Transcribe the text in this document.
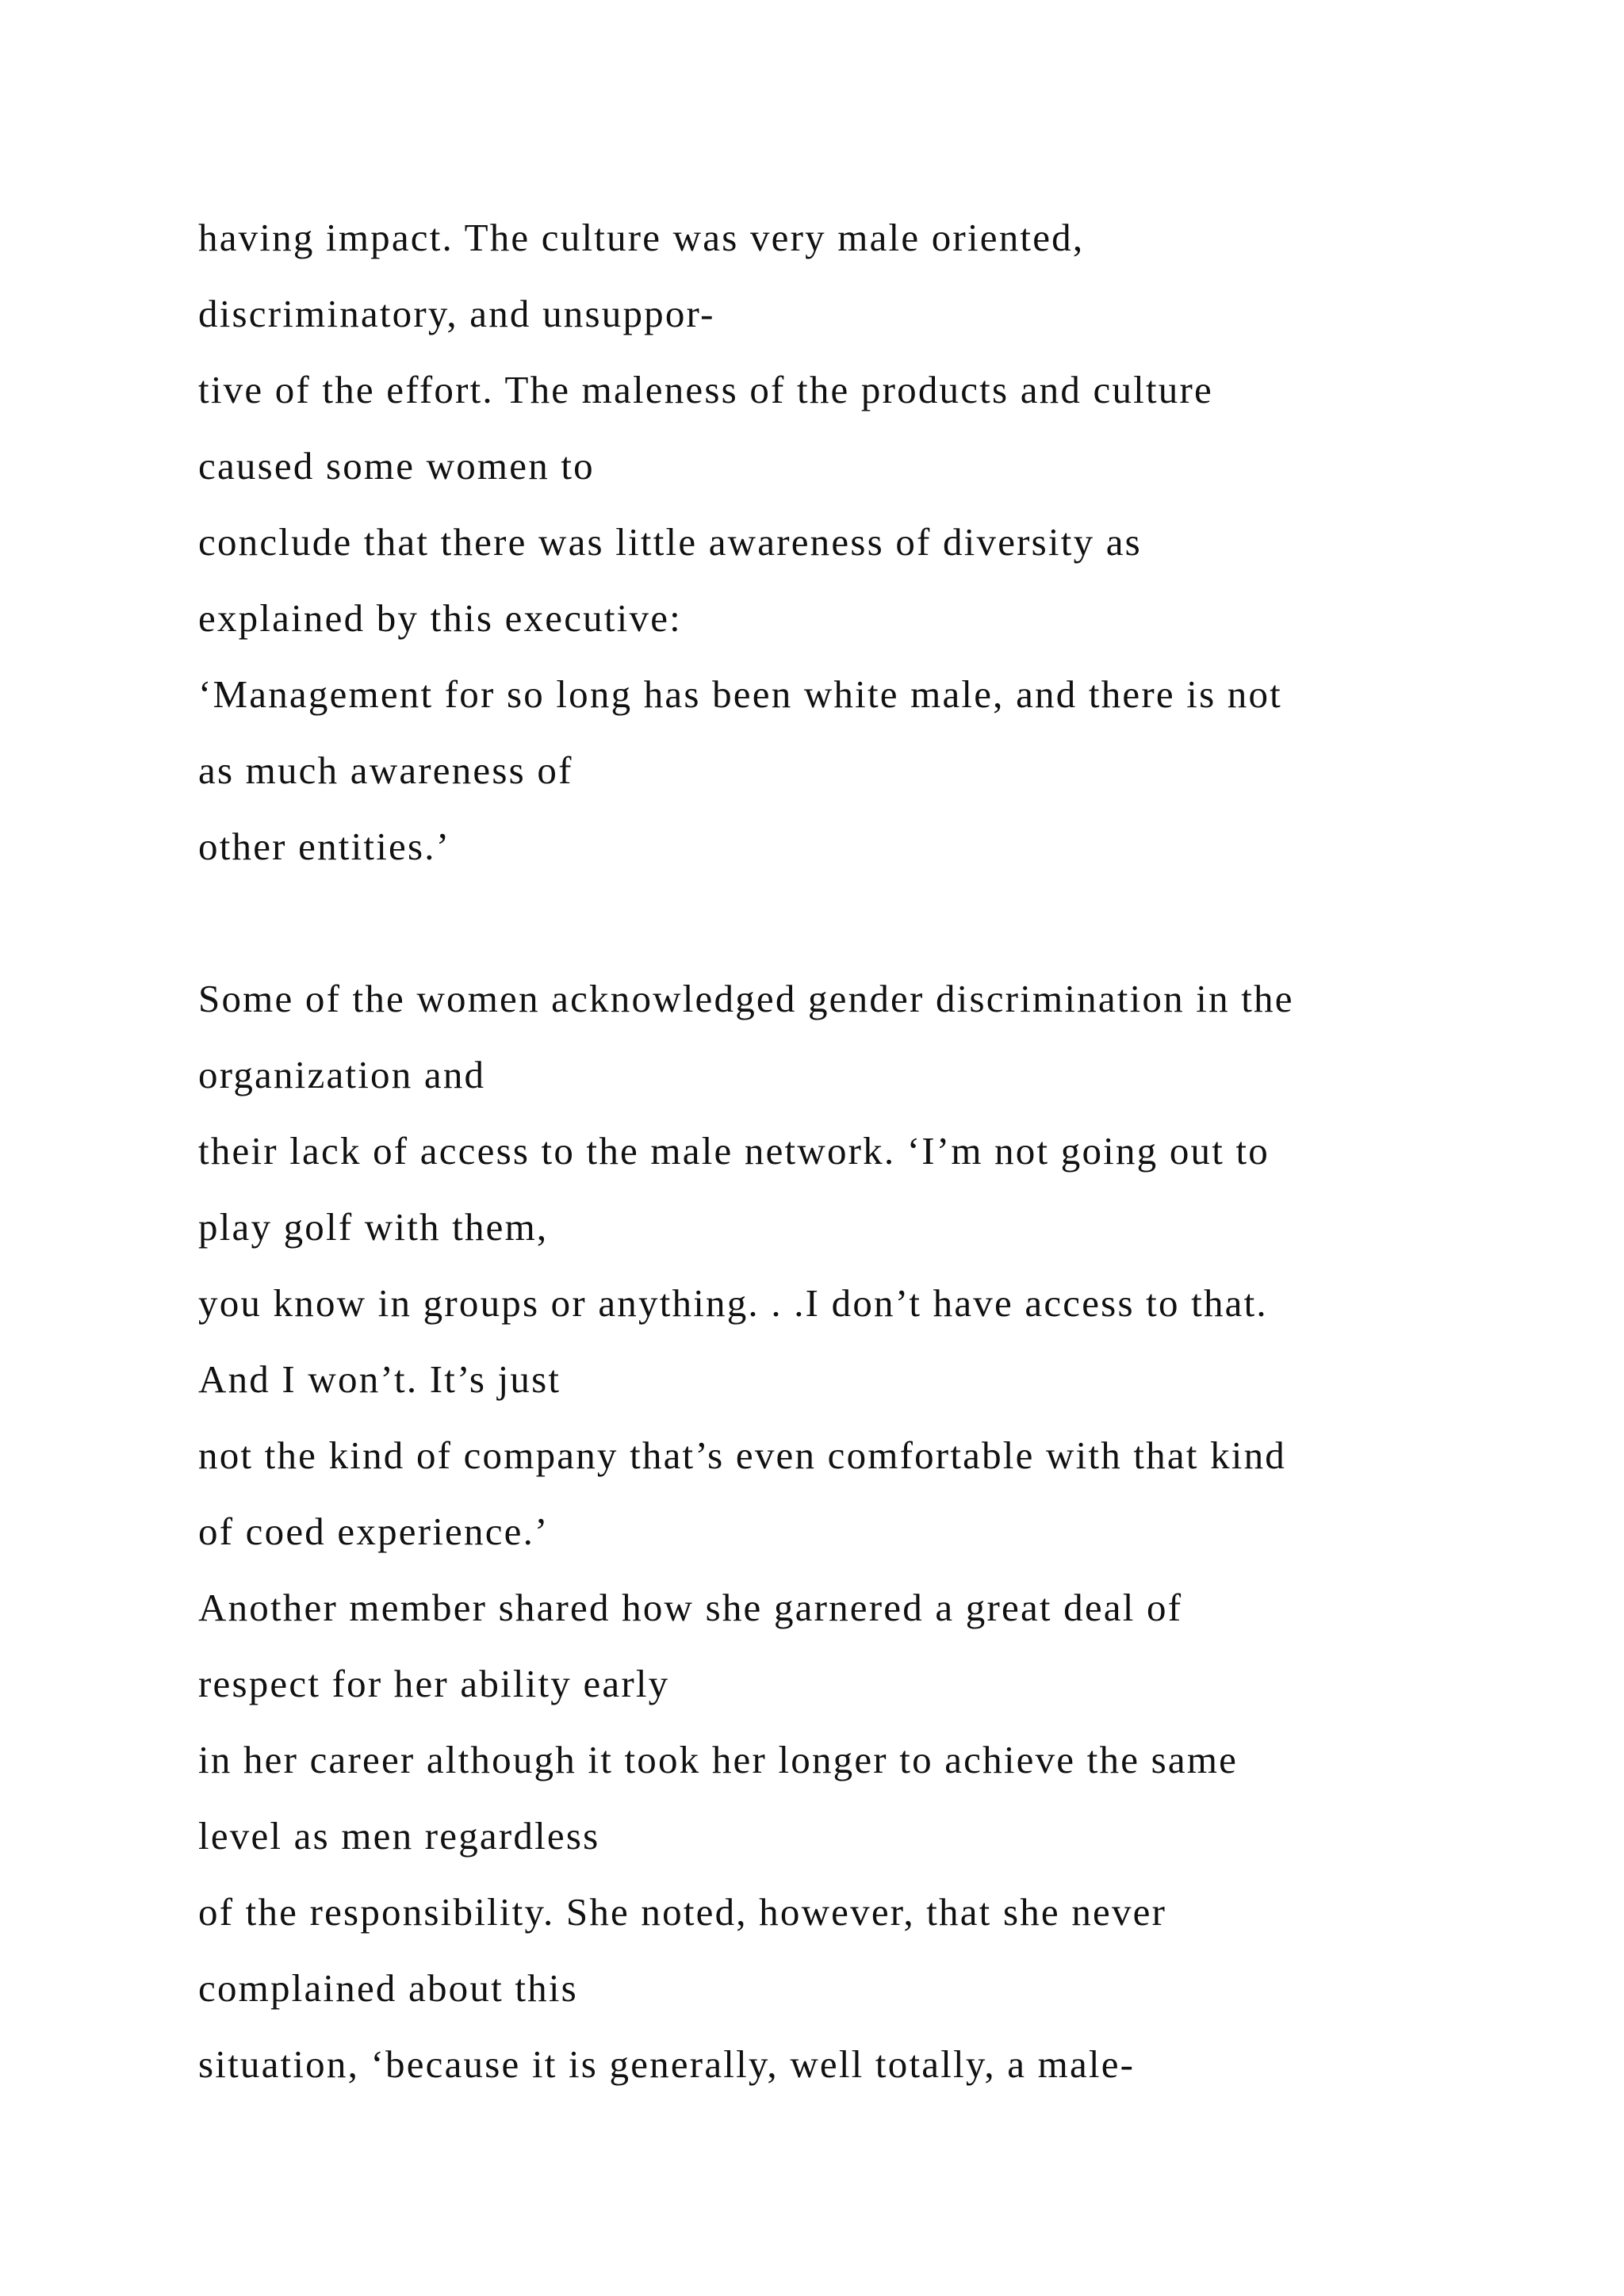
having impact. The culture was very male oriented,
discriminatory, and unsuppor-
tive of the effort. The maleness of the products and culture
caused some women to
conclude that there was little awareness of diversity as
explained by this executive:
‘Management for so long has been white male, and there is not
as much awareness of
other entities.’
Some of the women acknowledged gender discrimination in the
organization and
their lack of access to the male network. ‘I’m not going out to
play golf with them,
you know in groups or anything. . .I don’t have access to that.
And I won’t. It’s just
not the kind of company that’s even comfortable with that kind
of coed experience.’
Another member shared how she garnered a great deal of
respect for her ability early
in her career although it took her longer to achieve the same
level as men regardless
of the responsibility. She noted, however, that she never
complained about this
situation, ‘because it is generally, well totally, a male-
